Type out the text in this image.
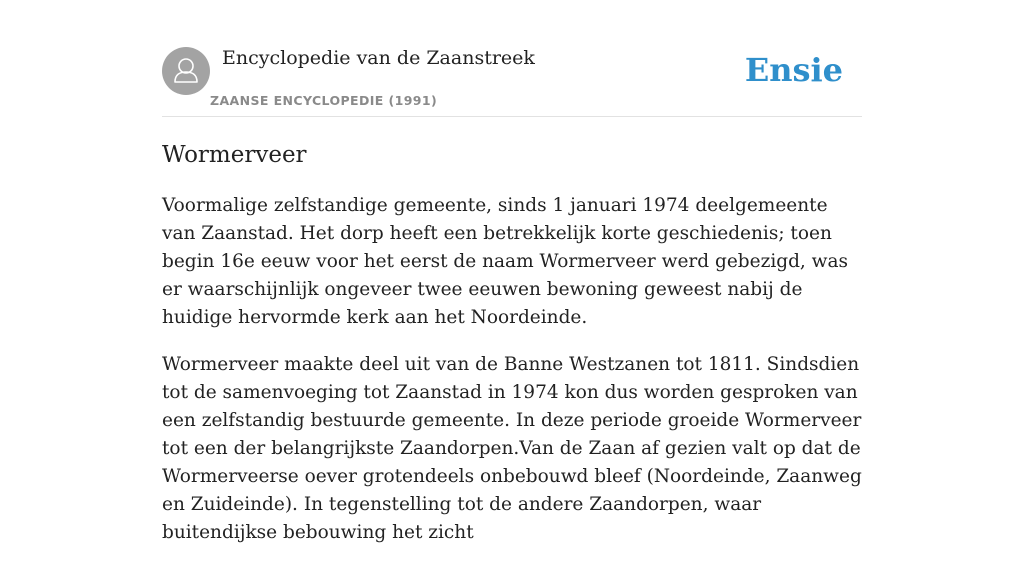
Encyclopedie van de Zaanstreek
ZAANSE ENCYCLOPEDIE (1991)
Ensie
Wormerveer

Voormalige zelfstandige gemeente, sinds 1 januari 1974 deelgemeente van Zaanstad. Het dorp heeft een betrekkelijk korte geschiedenis; toen begin 16e eeuw voor het eerst de naam Wormerveer werd gebezigd, was er waarschijnlijk ongeveer twee eeuwen bewoning geweest nabij de huidige hervormde kerk aan het Noordeinde.

Wormerveer maakte deel uit van de Banne Westzanen tot 1811. Sindsdien tot de samenvoeging tot Zaanstad in 1974 kon dus worden gesproken van een zelfstandig bestuurde gemeente. In deze periode groeide Wormerveer tot een der belangrijkste Zaandorpen.Van de Zaan af gezien valt op dat de Wormerveerse oever grotendeels onbebouwd bleef (Noordeinde, Zaanweg en Zuideinde). In tegenstelling tot de andere Zaandorpen, waar buitendijkse bebouwing het zicht
